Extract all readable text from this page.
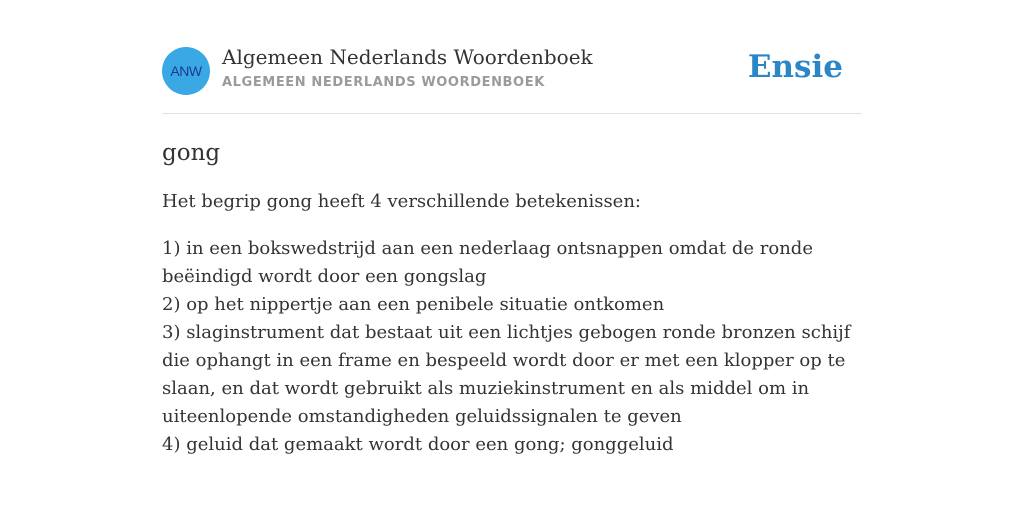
ANW
Algemeen Nederlands Woordenboek
ALGEMEEN NEDERLANDS WOORDENBOEK	Ensie
gong

Het begrip gong heeft 4 verschillende betekenissen:

1) in een bokswedstrijd aan een nederlaag ontsnappen omdat de ronde beëindigd wordt door een gongslag
2) op het nippertje aan een penibele situatie ontkomen
3) slaginstrument dat bestaat uit een lichtjes gebogen ronde bronzen schijf die ophangt in een frame en bespeeld wordt door er met een klopper op te slaan, en dat wordt gebruikt als muziekinstrument en als middel om in uiteenlopende omstandigheden geluidssignalen te geven
4) geluid dat gemaakt wordt door een gong; gonggeluid
